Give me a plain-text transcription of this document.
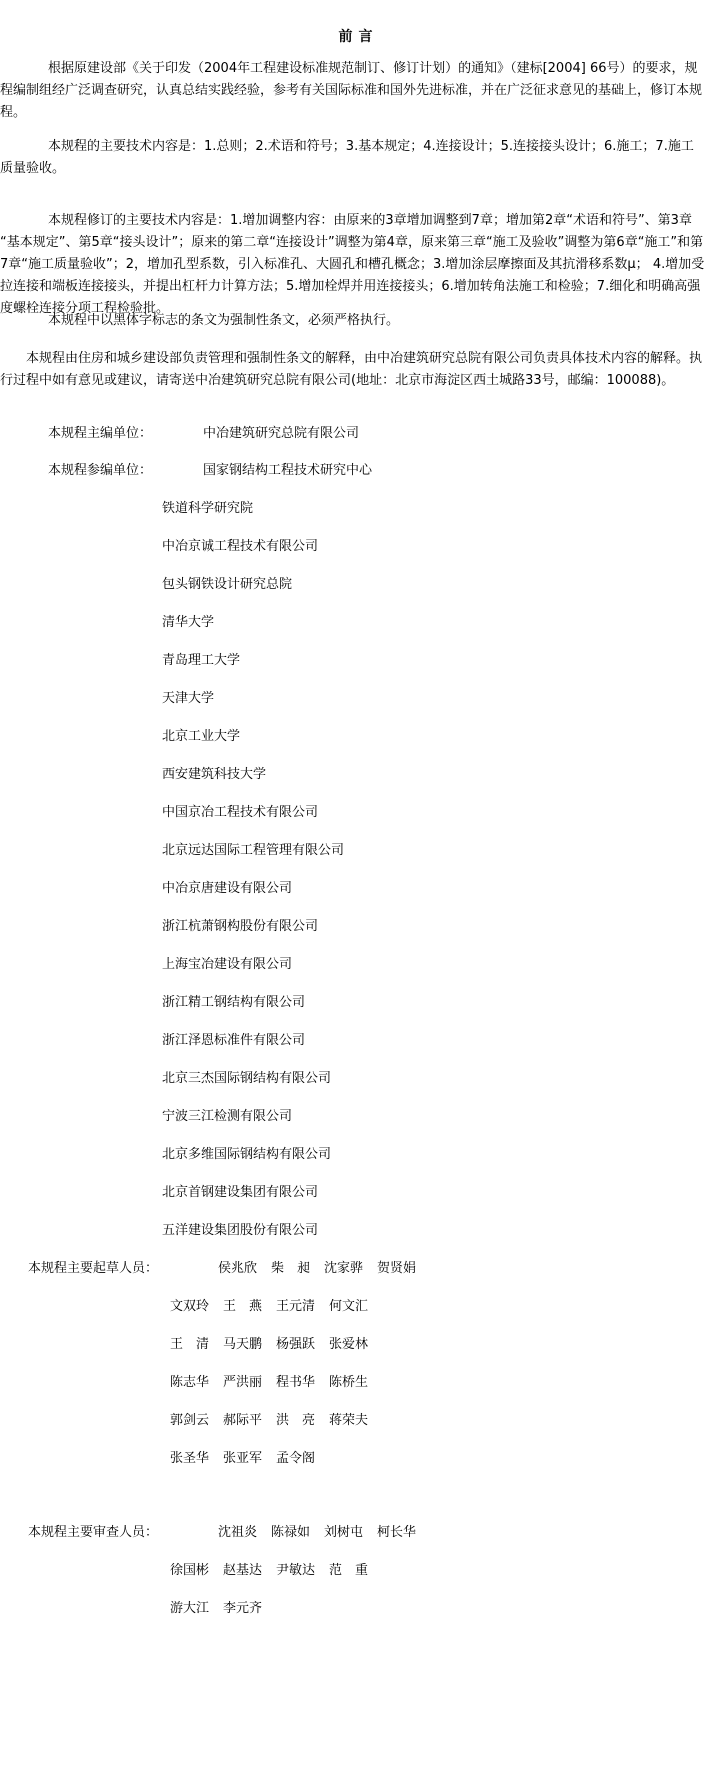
前言

根据原建设部《关于印发（2004年工程建设标准规范制订、修订计划）的通知》（建标[2004] 66号）的要求，规程编制组经广泛调查研究，认真总结实践经验，参考有关国际标准和国外先进标准，并在广泛征求意见的基础上，修订本规程。

本规程的主要技术内容是：1.总则；2.术语和符号；3.基本规定；4.连接设计；5.连接接头设计；6.施工；7.施工质量验收。

本规程修订的主要技术内容是：1.增加调整内容：由原来的3章增加调整到7章；增加第2章“术语和符号”、第3章 “基本规定”、第5章“接头设计”；原来的第二章“连接设计”调整为第4章，原来第三章“施工及验收”调整为第6章“施工”和第7章“施工质量验收”；2，增加孔型系数，引入标准孔、大圆孔和槽孔概念；3.增加涂层摩擦面及其抗滑移系数μ； 4.增加受拉连接和端板连接接头，并提出杠杆力计算方法；5.增加栓焊并用连接接头；6.增加转角法施工和检验；7.细化和明确高强度螺栓连接分项工程检验批。

本规程中以黑体字标志的条文为强制性条文，必须严格执行。

本规程由住房和城乡建设部负责管理和强制性条文的解释，由中冶建筑研究总院有限公司负责具体技术内容的解释。执行过程中如有意见或建议，请寄送中冶建筑研究总院有限公司(地址：北京市海淀区西土城路33号，邮编：100088)。

本规程主编单位：	中冶建筑研究总院有限公司
本规程参编单位：	国家钢结构工程技术研究中心
铁道科学研究院
中冶京诚工程技术有限公司
包头钢铁设计研究总院
清华大学
青岛理工大学
天津大学
北京工业大学
西安建筑科技大学
中国京冶工程技术有限公司
北京远达国际工程管理有限公司
中冶京唐建设有限公司
浙江杭萧钢构股份有限公司
上海宝冶建设有限公司
浙江精工钢结构有限公司
浙江泽恩标准件有限公司
北京三杰国际钢结构有限公司
宁波三江检测有限公司
北京多维国际钢结构有限公司
北京首钢建设集团有限公司
五洋建设集团股份有限公司
本规程主要起草人员：	侯兆欣 柴　昶 沈家骅 贺贤娟
文双玲 王　燕 王元清 何文汇
王　清 马天鹏 杨强跃 张爱林
陈志华 严洪丽 程书华 陈桥生
郭剑云 郝际平 洪　亮 蒋荣夫
张圣华 张亚军 孟令阁
本规程主要审查人员：	沈祖炎 陈禄如 刘树屯 柯长华
徐国彬 赵基达 尹敏达 范　重
游大江 李元齐
